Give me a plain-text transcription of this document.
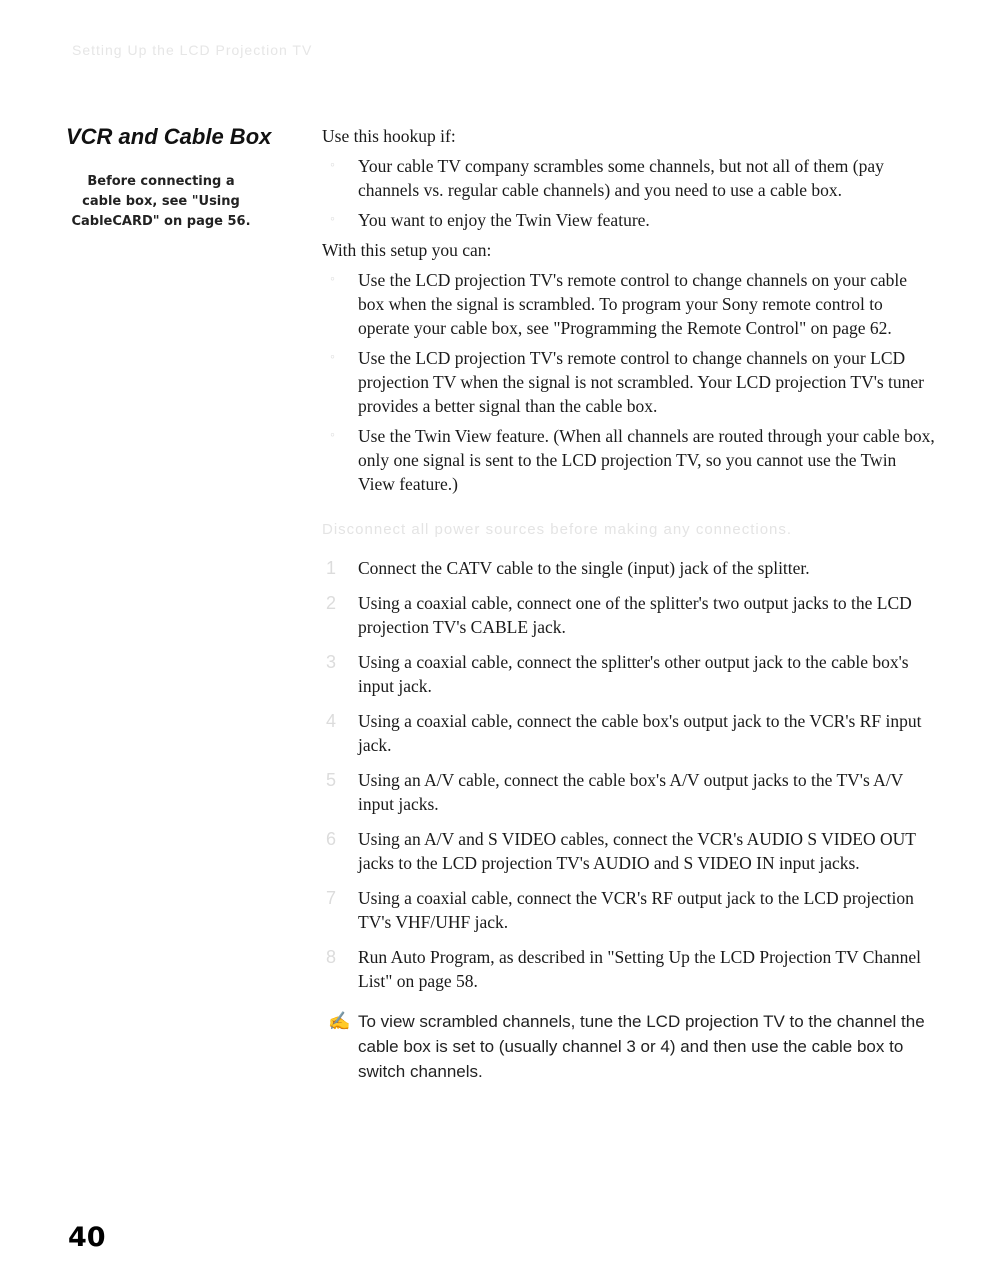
Setting Up the LCD Projection TV
VCR and Cable Box
Before connecting a cable box, see "Using CableCARD" on page 56.

Use this hookup if:

◦ Your cable TV company scrambles some channels, but not all of them (pay channels vs. regular cable channels) and you need to use a cable box.
◦ You want to enjoy the Twin View feature.

With this setup you can:

◦ Use the LCD projection TV's remote control to change channels on your cable box when the signal is scrambled. To program your Sony remote control to operate your cable box, see "Programming the Remote Control" on page 62.
◦ Use the LCD projection TV's remote control to change channels on your LCD projection TV when the signal is not scrambled. Your LCD projection TV's tuner provides a better signal than the cable box.
◦ Use the Twin View feature. (When all channels are routed through your cable box, only one signal is sent to the LCD projection TV, so you cannot use the Twin View feature.)
Disconnect all power sources before making any connections.
1 Connect the CATV cable to the single (input) jack of the splitter.
2 Using a coaxial cable, connect one of the splitter's two output jacks to the LCD projection TV's CABLE jack.
3 Using a coaxial cable, connect the splitter's other output jack to the cable box's input jack.
4 Using a coaxial cable, connect the cable box's output jack to the VCR's RF input jack.
5 Using an A/V cable, connect the cable box's A/V output jacks to the TV's A/V input jacks.
6 Using an A/V and S VIDEO cables, connect the VCR's AUDIO S VIDEO OUT jacks to the LCD projection TV's AUDIO and S VIDEO IN input jacks.
7 Using a coaxial cable, connect the VCR's RF output jack to the LCD projection TV's VHF/UHF jack.
8 Run Auto Program, as described in "Setting Up the LCD Projection TV Channel List" on page 58.
✍ To view scrambled channels, tune the LCD projection TV to the channel the cable box is set to (usually channel 3 or 4) and then use the cable box to switch channels.
40
